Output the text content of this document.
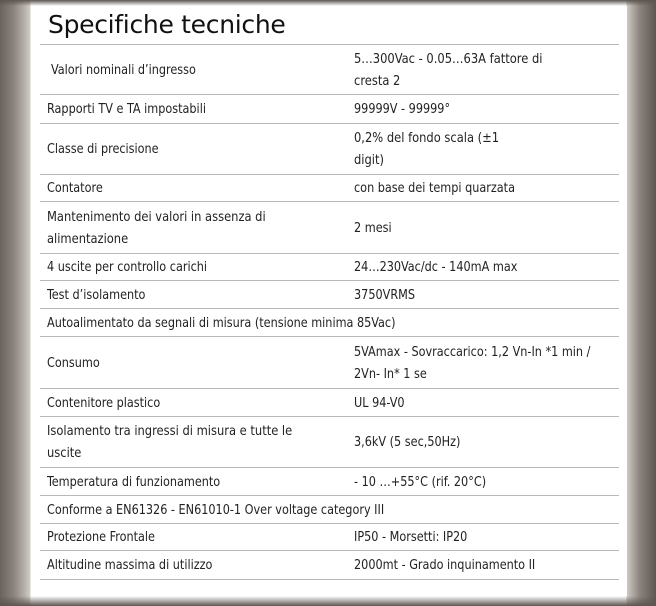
Specifiche tecniche
Valori nominali d’ingresso	5…300Vac - 0.05…63A fattore di cresta 2

Rapporti TV e TA impostabili	99999V - 99999°
Classe di precisione	0,2% del fondo scala (±1 digit)

Contatore	con base dei tempi quarzata

Mantenimento dei valori in assenza di alimentazione	2 mesi
4 uscite per controllo carichi	24…230Vac/dc - 140mA max
Test d’isolamento	3750VRMS
Autoalimentato da segnali di misura (tensione minima 85Vac)	
Consumo	5VAmax - Sovraccarico: 1,2 Vn-In *1 min / 2Vn- In* 1 se

Contenitore plastico	UL 94-V0

Isolamento tra ingressi di misura e tutte le uscite	3,6kV (5 sec,50Hz)
Temperatura di funzionamento	- 10 …+55°C (rif. 20°C)
Conforme a EN61326 - EN61010-1 Over voltage category III	
Protezione Frontale	IP50 - Morsetti: IP20
Altitudine massima di utilizzo	2000mt - Grado inquinamento II
